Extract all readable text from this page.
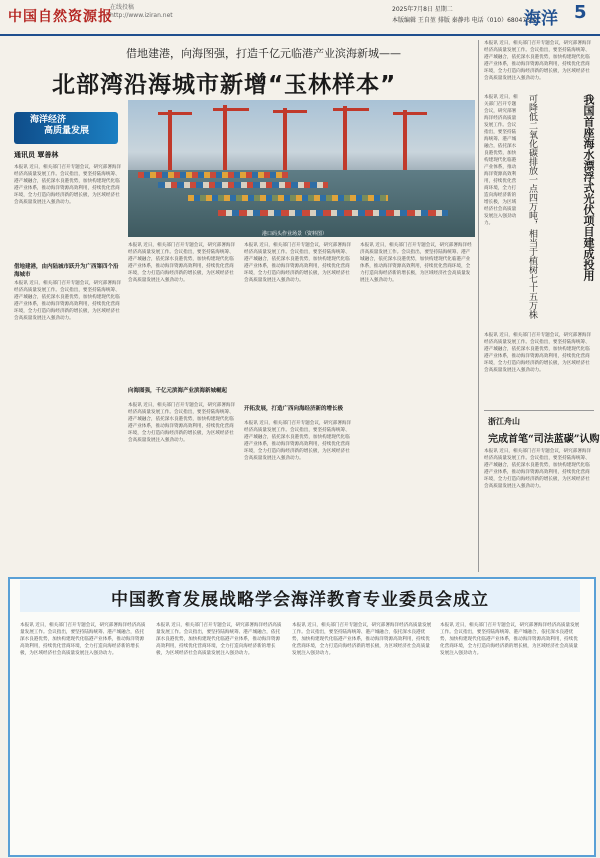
中国自然资源报
在线投稿
http://www.iziran.net
2025年7月8日 星期二
本版编辑 王自堃 排版 秦静玮 电话（010）68047667
海洋 5
借地建港，向海图强，打造千亿元临港产业滨海新城——
北部湾沿海城市新增“玉林样本”
海洋经济
高质量发展
港口码头作业场景（资料图）
通讯员 覃善林
本报讯 近日，相关部门召开专题会议，研究部署海洋经济高质量发展工作。会议指出，要坚持陆海统筹、港产城融合，依托深水良港优势，加快构建现代化临港产业体系，推动海洋资源高效利用，持续优化营商环境，全力打造向海经济新的增长极，为区域经济社会高质量发展注入强劲动力。
借地建港，由内陆城市跃升为广西第四个沿海城市
本报讯 近日，相关部门召开专题会议，研究部署海洋经济高质量发展工作。会议指出，要坚持陆海统筹、港产城融合，依托深水良港优势，加快构建现代化临港产业体系，推动海洋资源高效利用，持续优化营商环境，全力打造向海经济新的增长极，为区域经济社会高质量发展注入强劲动力。
本报讯 近日，相关部门召开专题会议，研究部署海洋经济高质量发展工作。会议指出，要坚持陆海统筹、港产城融合，依托深水良港优势，加快构建现代化临港产业体系，推动海洋资源高效利用，持续优化营商环境，全力打造向海经济新的增长极，为区域经济社会高质量发展注入强劲动力。
向海图强，千亿元滨海产业滨海新城崛起
本报讯 近日，相关部门召开专题会议，研究部署海洋经济高质量发展工作。会议指出，要坚持陆海统筹、港产城融合，依托深水良港优势，加快构建现代化临港产业体系，推动海洋资源高效利用，持续优化营商环境，全力打造向海经济新的增长极，为区域经济社会高质量发展注入强劲动力。
本报讯 近日，相关部门召开专题会议，研究部署海洋经济高质量发展工作。会议指出，要坚持陆海统筹、港产城融合，依托深水良港优势，加快构建现代化临港产业体系，推动海洋资源高效利用，持续优化营商环境，全力打造向海经济新的增长极，为区域经济社会高质量发展注入强劲动力。
开拓发展，打造广西向海经济新的增长极
本报讯 近日，相关部门召开专题会议，研究部署海洋经济高质量发展工作。会议指出，要坚持陆海统筹、港产城融合，依托深水良港优势，加快构建现代化临港产业体系，推动海洋资源高效利用，持续优化营商环境，全力打造向海经济新的增长极，为区域经济社会高质量发展注入强劲动力。
本报讯 近日，相关部门召开专题会议，研究部署海洋经济高质量发展工作。会议指出，要坚持陆海统筹、港产城融合，依托深水良港优势，加快构建现代化临港产业体系，推动海洋资源高效利用，持续优化营商环境，全力打造向海经济新的增长极，为区域经济社会高质量发展注入强劲动力。
本报讯 近日，相关部门召开专题会议，研究部署海洋经济高质量发展工作。会议指出，要坚持陆海统筹、港产城融合，依托深水良港优势，加快构建现代化临港产业体系，推动海洋资源高效利用，持续优化营商环境，全力打造向海经济新的增长极，为区域经济社会高质量发展注入强劲动力。
我国首座海水漂浮式光伏项目建成投用
可降低二氧化碳排放一点四万吨，相当于植树七十五万株
本报讯 近日，相关部门召开专题会议，研究部署海洋经济高质量发展工作。会议指出，要坚持陆海统筹、港产城融合，依托深水良港优势，加快构建现代化临港产业体系，推动海洋资源高效利用，持续优化营商环境，全力打造向海经济新的增长极，为区域经济社会高质量发展注入强劲动力。
本报讯 近日，相关部门召开专题会议，研究部署海洋经济高质量发展工作。会议指出，要坚持陆海统筹、港产城融合，依托深水良港优势，加快构建现代化临港产业体系，推动海洋资源高效利用，持续优化营商环境，全力打造向海经济新的增长极，为区域经济社会高质量发展注入强劲动力。
浙江舟山
完成首笔“司法蓝碳”认购
本报讯 近日，相关部门召开专题会议，研究部署海洋经济高质量发展工作。会议指出，要坚持陆海统筹、港产城融合，依托深水良港优势，加快构建现代化临港产业体系，推动海洋资源高效利用，持续优化营商环境，全力打造向海经济新的增长极，为区域经济社会高质量发展注入强劲动力。
中国教育发展战略学会海洋教育专业委员会成立
本报讯 近日，相关部门召开专题会议，研究部署海洋经济高质量发展工作。会议指出，要坚持陆海统筹、港产城融合，依托深水良港优势，加快构建现代化临港产业体系，推动海洋资源高效利用，持续优化营商环境，全力打造向海经济新的增长极，为区域经济社会高质量发展注入强劲动力。
本报讯 近日，相关部门召开专题会议，研究部署海洋经济高质量发展工作。会议指出，要坚持陆海统筹、港产城融合，依托深水良港优势，加快构建现代化临港产业体系，推动海洋资源高效利用，持续优化营商环境，全力打造向海经济新的增长极，为区域经济社会高质量发展注入强劲动力。
本报讯 近日，相关部门召开专题会议，研究部署海洋经济高质量发展工作。会议指出，要坚持陆海统筹、港产城融合，依托深水良港优势，加快构建现代化临港产业体系，推动海洋资源高效利用，持续优化营商环境，全力打造向海经济新的增长极，为区域经济社会高质量发展注入强劲动力。
本报讯 近日，相关部门召开专题会议，研究部署海洋经济高质量发展工作。会议指出，要坚持陆海统筹、港产城融合，依托深水良港优势，加快构建现代化临港产业体系，推动海洋资源高效利用，持续优化营商环境，全力打造向海经济新的增长极，为区域经济社会高质量发展注入强劲动力。
